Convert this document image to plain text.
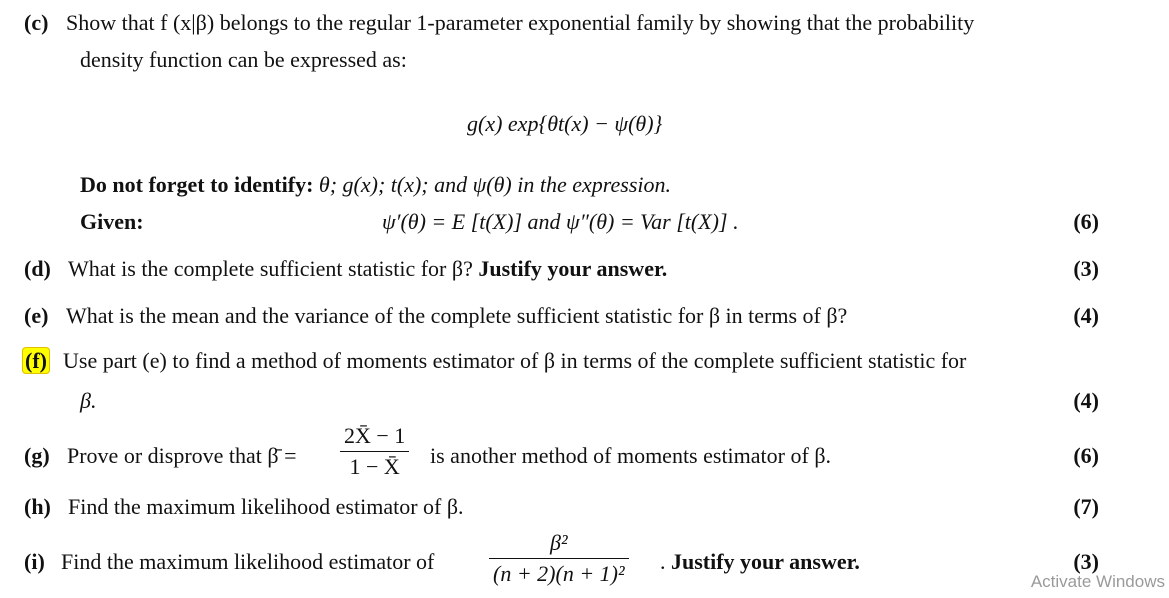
(c) Show that f (x|β) belongs to the regular 1-parameter exponential family by showing that the probability
density function can be expressed as:
g(x) exp{θt(x) − ψ(θ)}
Do not forget to identify: θ; g(x); t(x); and ψ(θ) in the expression.
Given:	ψ′(θ) = E [t(X)] and ψ″(θ) = Var [t(X)] .	(6)
(d) What is the complete sufficient statistic for β? Justify your answer.	(3)
(e) What is the mean and the variance of the complete sufficient statistic for β in terms of β?	(4)
(f) Use part (e) to find a method of moments estimator of β in terms of the complete sufficient statistic for
β.	(4)
(g) Prove or disprove that β̄ =
2X̄ − 1
1 − X̄	is another method of moments estimator of β.	(6)
(h) Find the maximum likelihood estimator of β.	(7)
(i) Find the maximum likelihood estimator of
β²
(n + 2)(n + 1)² . Justify your answer.	(3)
Activate Windows
